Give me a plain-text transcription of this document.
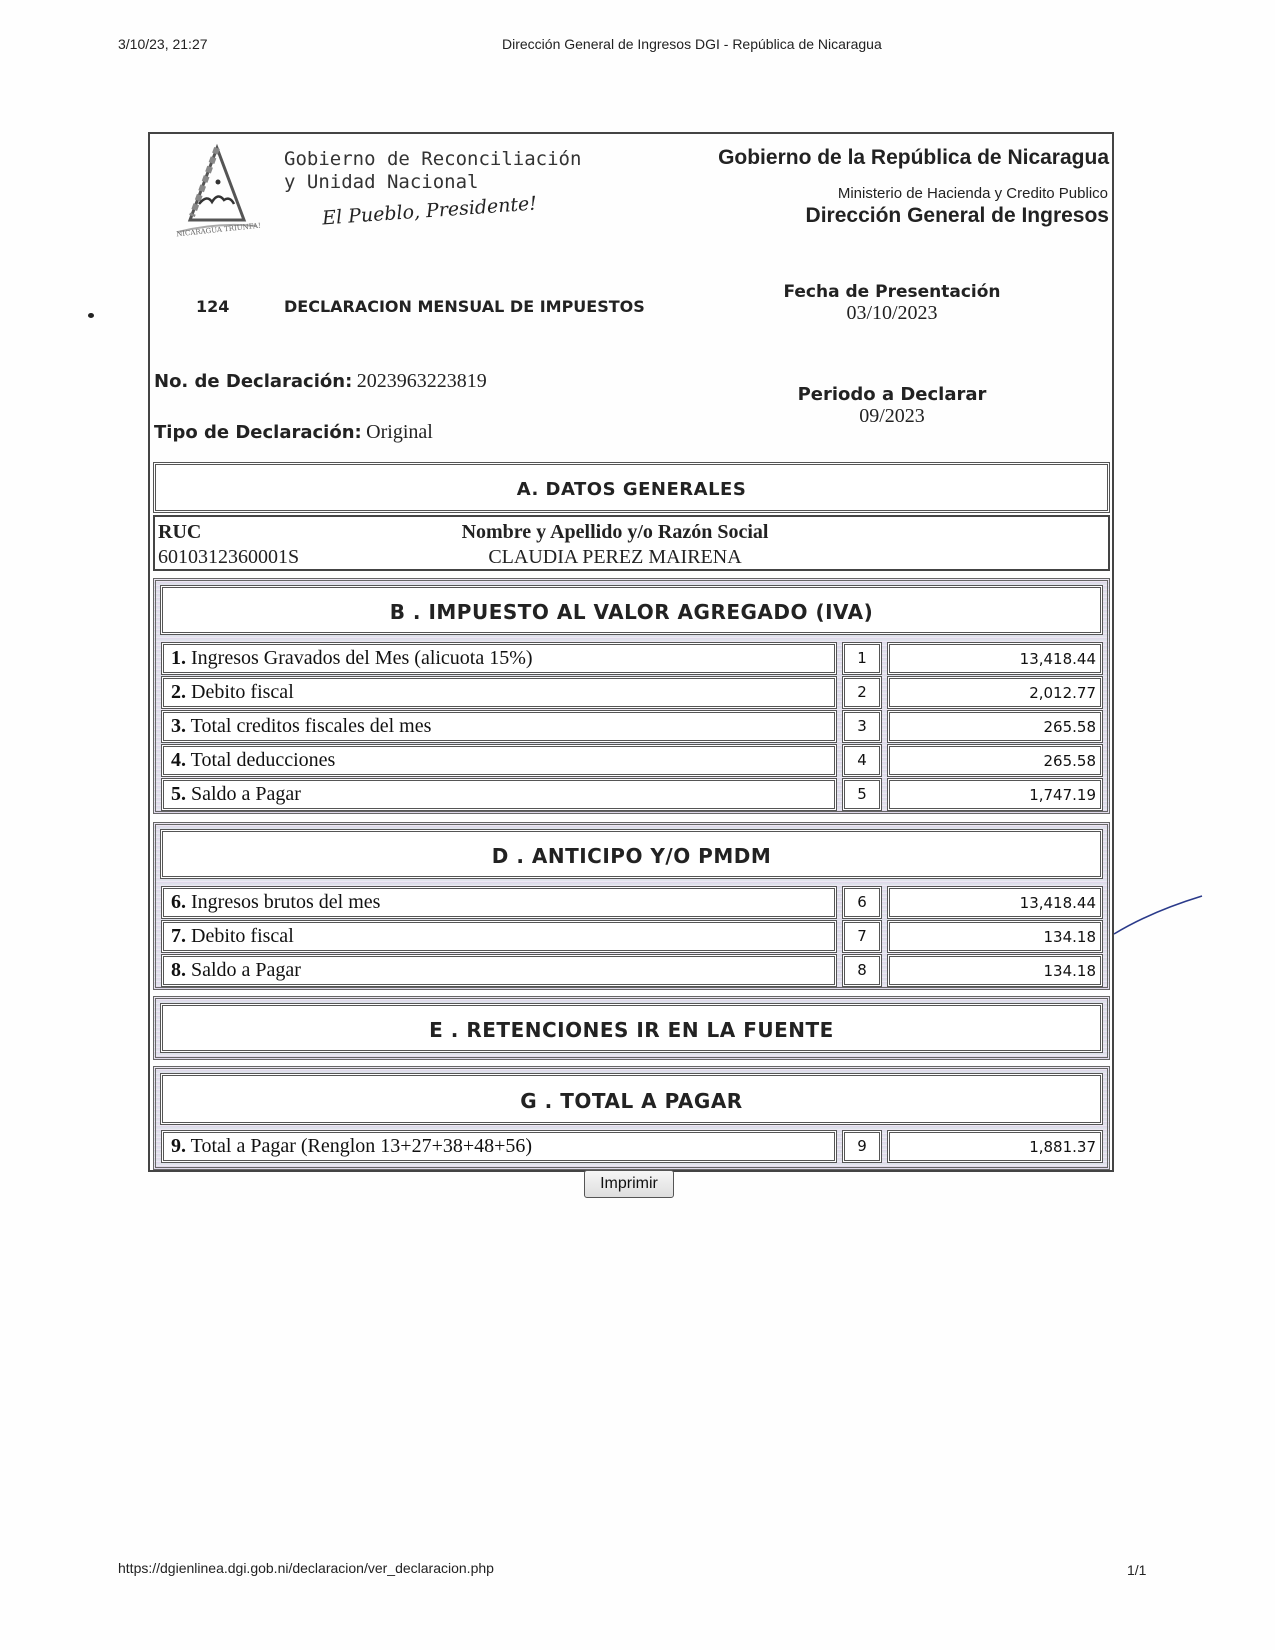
3/10/23, 21:27	Dirección General de Ingresos DGI - República de Nicaragua
NICARAGUA TRIUNFA!
Gobierno de Reconciliación
y Unidad Nacional
El Pueblo, Presidente!
Gobierno de la República de Nicaragua
Ministerio de Hacienda y Credito Publico
Dirección General de Ingresos
124	DECLARACION MENSUAL DE IMPUESTOS
Fecha de Presentación
03/10/2023
No. de Declaración: 2023963223819
Tipo de Declaración: Original
Periodo a Declarar
09/2023
A. DATOS GENERALES
RUC
6010312360001S
Nombre y Apellido y/o Razón Social
CLAUDIA PEREZ MAIRENA
B . IMPUESTO AL VALOR AGREGADO (IVA)
1. Ingresos Gravados del Mes (alicuota 15%)	1	13,418.44
2. Debito fiscal	2	2,012.77
3. Total creditos fiscales del mes	3	265.58
4. Total deducciones	4	265.58
5. Saldo a Pagar	5	1,747.19
D . ANTICIPO Y/O PMDM
6. Ingresos brutos del mes	6	13,418.44
7. Debito fiscal	7	134.18
8. Saldo a Pagar	8	134.18
E . RETENCIONES IR EN LA FUENTE
G . TOTAL A PAGAR
9. Total a Pagar (Renglon 13+27+38+48+56)	9	1,881.37
Imprimir
https://dgienlinea.dgi.gob.ni/declaracion/ver_declaracion.php	1/1
